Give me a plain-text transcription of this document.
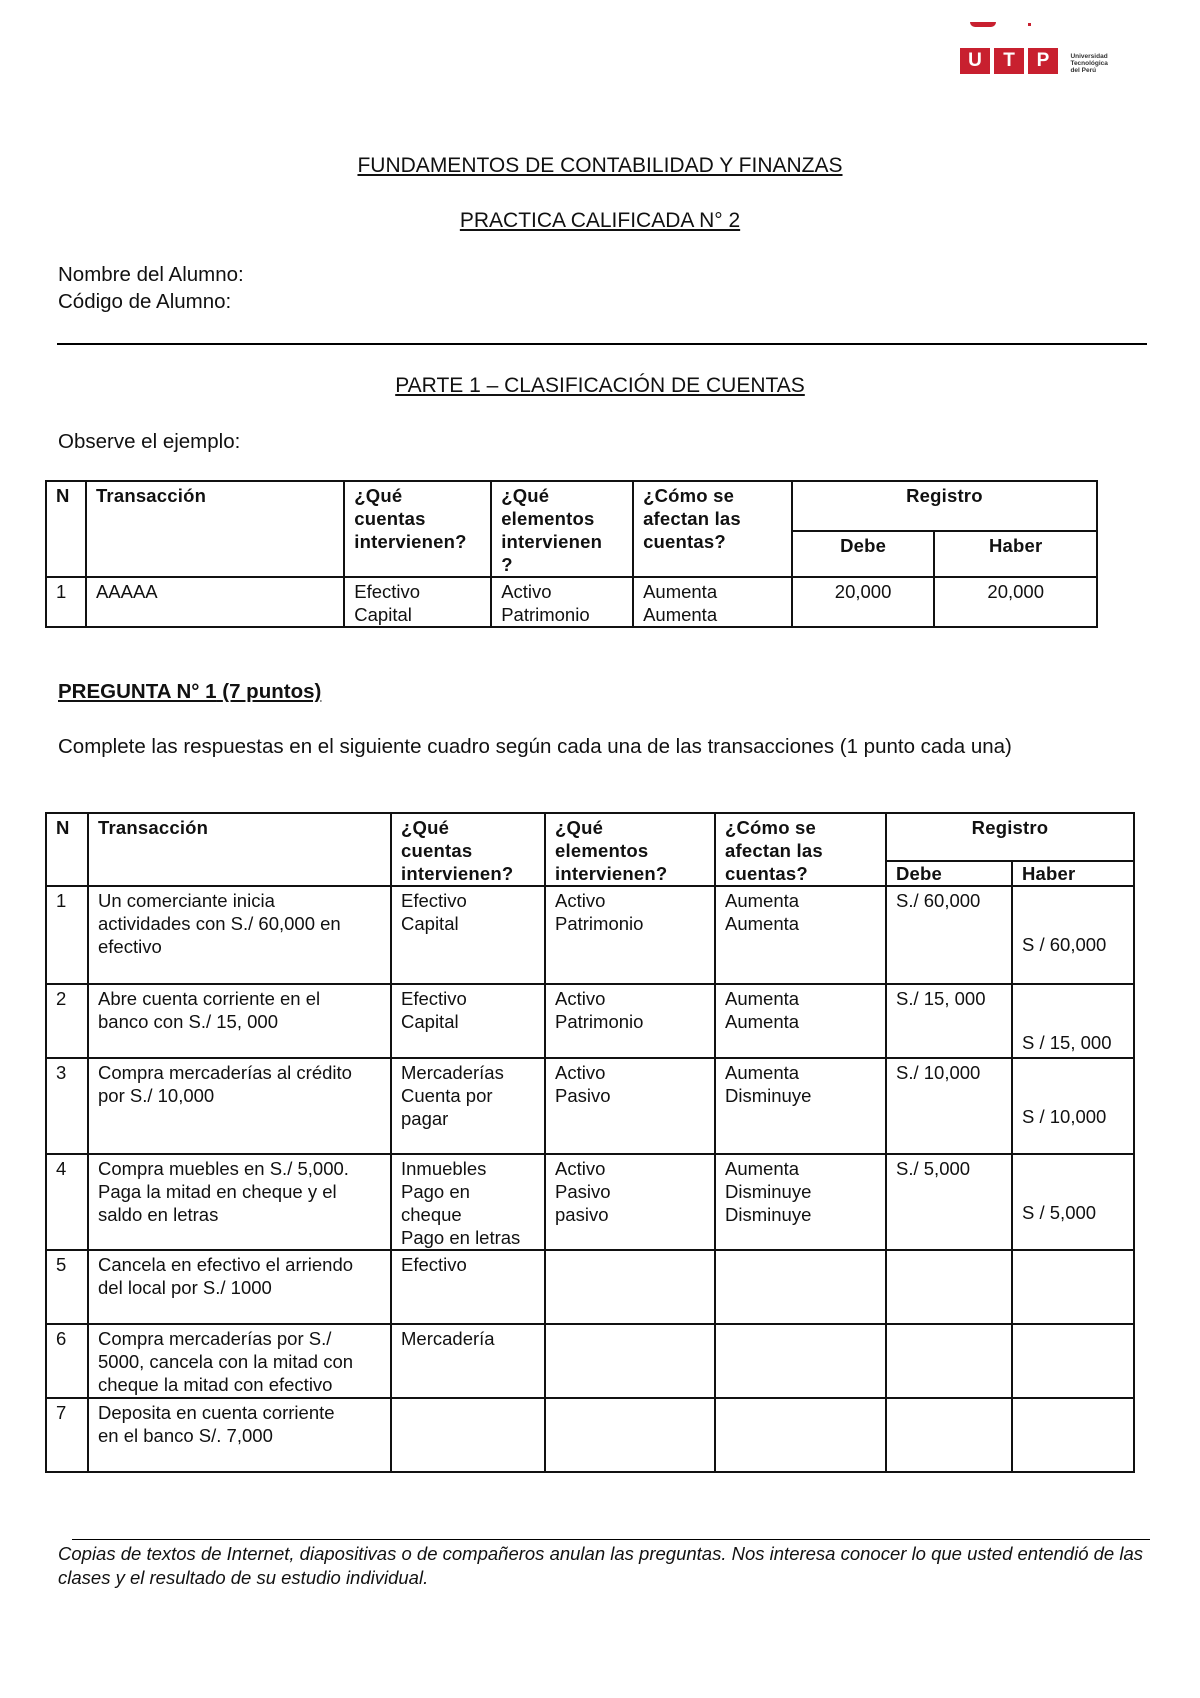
U T P	Universidad
Tecnológica
del Perú
FUNDAMENTOS DE CONTABILIDAD Y FINANZAS
PRACTICA CALIFICADA N° 2
Nombre del Alumno:
Código de Alumno:
PARTE 1 – CLASIFICACIÓN DE CUENTAS
Observe el ejemplo:
N	Transacción	¿Qué
cuentas
intervienen?	¿Qué
elementos
intervienen
?	¿Cómo se
afectan las
cuentas?	Registro	
					Debe	Haber
1	AAAAA	Efectivo
Capital	Activo
Patrimonio	Aumenta
Aumenta	20,000	20,000
PREGUNTA N° 1 (7 puntos)
Complete las respuestas en el siguiente cuadro según cada una de las transacciones (1 punto cada una)
N	Transacción	¿Qué
cuentas
intervienen?	¿Qué
elementos
intervienen?	¿Cómo se
afectan las
cuentas?	Registro	
					Debe	Haber
1	Un comerciante inicia
actividades con S./ 60,000 en
efectivo	Efectivo
Capital	Activo
Patrimonio	Aumenta
Aumenta	S./ 60,000	S / 60,000

2	Abre cuenta corriente en el
banco con S./ 15, 000	Efectivo
Capital	Activo
Patrimonio	Aumenta
Aumenta	S./ 15, 000	S / 15, 000

3	Compra mercaderías al crédito
por S./ 10,000	Mercaderías
Cuenta por
pagar	Activo
Pasivo	Aumenta
Disminuye	S./ 10,000	S / 10,000

4	Compra muebles en S./ 5,000.
Paga la mitad en cheque y el
saldo en letras	Inmuebles
Pago en
cheque
Pago en letras	Activo
Pasivo
pasivo	Aumenta
Disminuye
Disminuye	S./ 5,000	S / 5,000

5	Cancela en efectivo el arriendo
del local por S./ 1000	Efectivo				

6	Compra mercaderías por S./
5000, cancela con la mitad con
cheque la mitad con efectivo	Mercadería				

7	Deposita en cuenta corriente
en el banco S/. 7,000					

Copias de textos de Internet, diapositivas o de compañeros anulan las preguntas. Nos interesa conocer lo que usted entendió de las clases y el resultado de su estudio individual.
